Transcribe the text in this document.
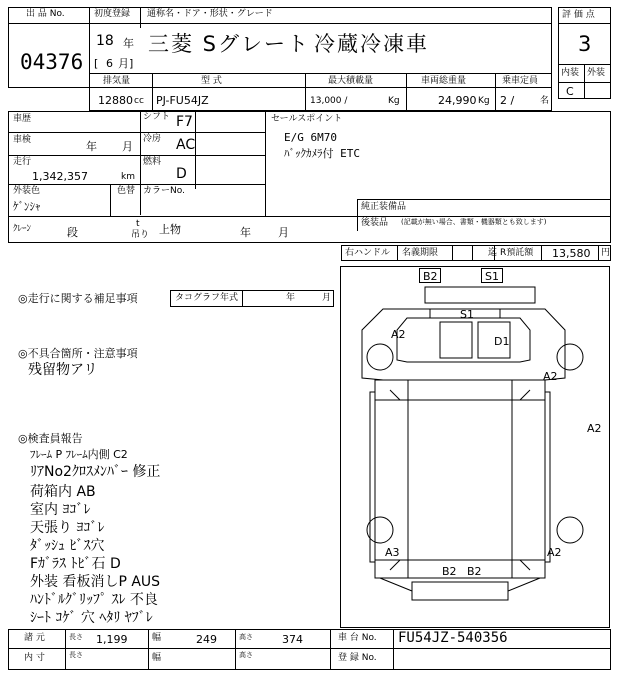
出 品 No.	初度登録 通称名・ドア・形状・グレード
04376
18 年
[ 6 月]
三菱 Sグレート 冷蔵冷凍車
評 価 点
3
内装 外装
C
排気量	型 式	最大積載量	車両総重量	乗車定員
12880 cc PJ-FU54JZ	13,000 /	Kg	24,990 Kg 2 /	名
車歴	シフト F7
車検	年 月
冷房 AC
走行
1,342,357	km
燃料
D
外装色
ｹﾞﾝｼｬ
色替 カラーNo.
ｸﾚｰﾝ	段
t
吊り 上物	年 月
セールスポイント
E/G 6M70
ﾊﾞｯｸｶﾒﾗ付 ETC
純正装備品
後装品 (記載が無い場合、書類・機器類とも致します)
右ハンドル 名義期限	迄 R預託額 13,580 円
◎走行に関する補足事項	タコグラフ年式	年	月
◎不具合箇所・注意事項
残留物アリ
◎検査員報告
ﾌﾚｰﾑ P ﾌﾚｰﾑ内側 C2
ﾘｱNo2ｸﾛｽﾒﾝﾊﾞｰ 修正
荷箱内 AB
室内 ﾖｺﾞﾚ
天張り ﾖｺﾞﾚ
ﾀﾞｯｼｭ ﾋﾞｽ穴
Fｶﾞﾗｽ ﾄﾋﾞ石 D
外装 看板消しP AUS
ﾊﾝﾄﾞﾙｸﾞﾘｯﾌﾟ ｽﾚ 不良
ｼｰﾄ ｺｹﾞ 穴 ﾍﾀﾘ ﾔﾌﾞﾚ
B2	S1
S1
D1
A2
A2
A2
A3	A2
B2 B2
諸 元	長さ 1,199	幅	249	高さ	374	車 台 No. FU54JZ-540356
内 寸	長さ	幅	高さ	登 録 No.
